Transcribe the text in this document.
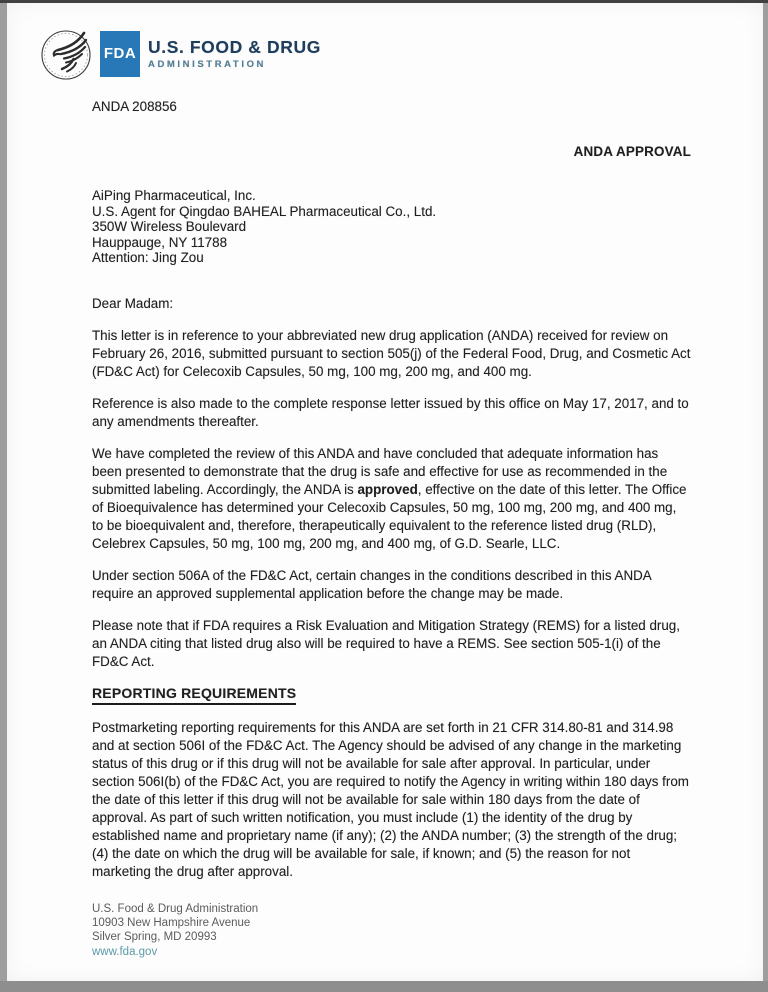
FDA U.S. FOOD & DRUG
ADMINISTRATION
ANDA 208856
ANDA APPROVAL
AiPing Pharmaceutical, Inc.
U.S. Agent for Qingdao BAHEAL Pharmaceutical Co., Ltd.
350W Wireless Boulevard
Hauppauge, NY 11788
Attention: Jing Zou
Dear Madam:

This letter is in reference to your abbreviated new drug application (ANDA) received for review on February 26, 2016, submitted pursuant to section 505(j) of the Federal Food, Drug, and Cosmetic Act (FD&C Act) for Celecoxib Capsules, 50 mg, 100 mg, 200 mg, and 400 mg.

Reference is also made to the complete response letter issued by this office on May 17, 2017, and to any amendments thereafter.

We have completed the review of this ANDA and have concluded that adequate information has been presented to demonstrate that the drug is safe and effective for use as recommended in the submitted labeling. Accordingly, the ANDA is approved, effective on the date of this letter. The Office of Bioequivalence has determined your Celecoxib Capsules, 50 mg, 100 mg, 200 mg, and 400 mg, to be bioequivalent and, therefore, therapeutically equivalent to the reference listed drug (RLD), Celebrex Capsules, 50 mg, 100 mg, 200 mg, and 400 mg, of G.D. Searle, LLC.

Under section 506A of the FD&C Act, certain changes in the conditions described in this ANDA require an approved supplemental application before the change may be made.

Please note that if FDA requires a Risk Evaluation and Mitigation Strategy (REMS) for a listed drug, an ANDA citing that listed drug also will be required to have a REMS. See section 505-1(i) of the FD&C Act.

REPORTING REQUIREMENTS

Postmarketing reporting requirements for this ANDA are set forth in 21 CFR 314.80-81 and 314.98 and at section 506I of the FD&C Act. The Agency should be advised of any change in the marketing status of this drug or if this drug will not be available for sale after approval. In particular, under section 506I(b) of the FD&C Act, you are required to notify the Agency in writing within 180 days from the date of this letter if this drug will not be available for sale within 180 days from the date of approval. As part of such written notification, you must include (1) the identity of the drug by established name and proprietary name (if any); (2) the ANDA number; (3) the strength of the drug; (4) the date on which the drug will be available for sale, if known; and (5) the reason for not marketing the drug after approval.

U.S. Food & Drug Administration
10903 New Hampshire Avenue
Silver Spring, MD 20993
www.fda.gov
